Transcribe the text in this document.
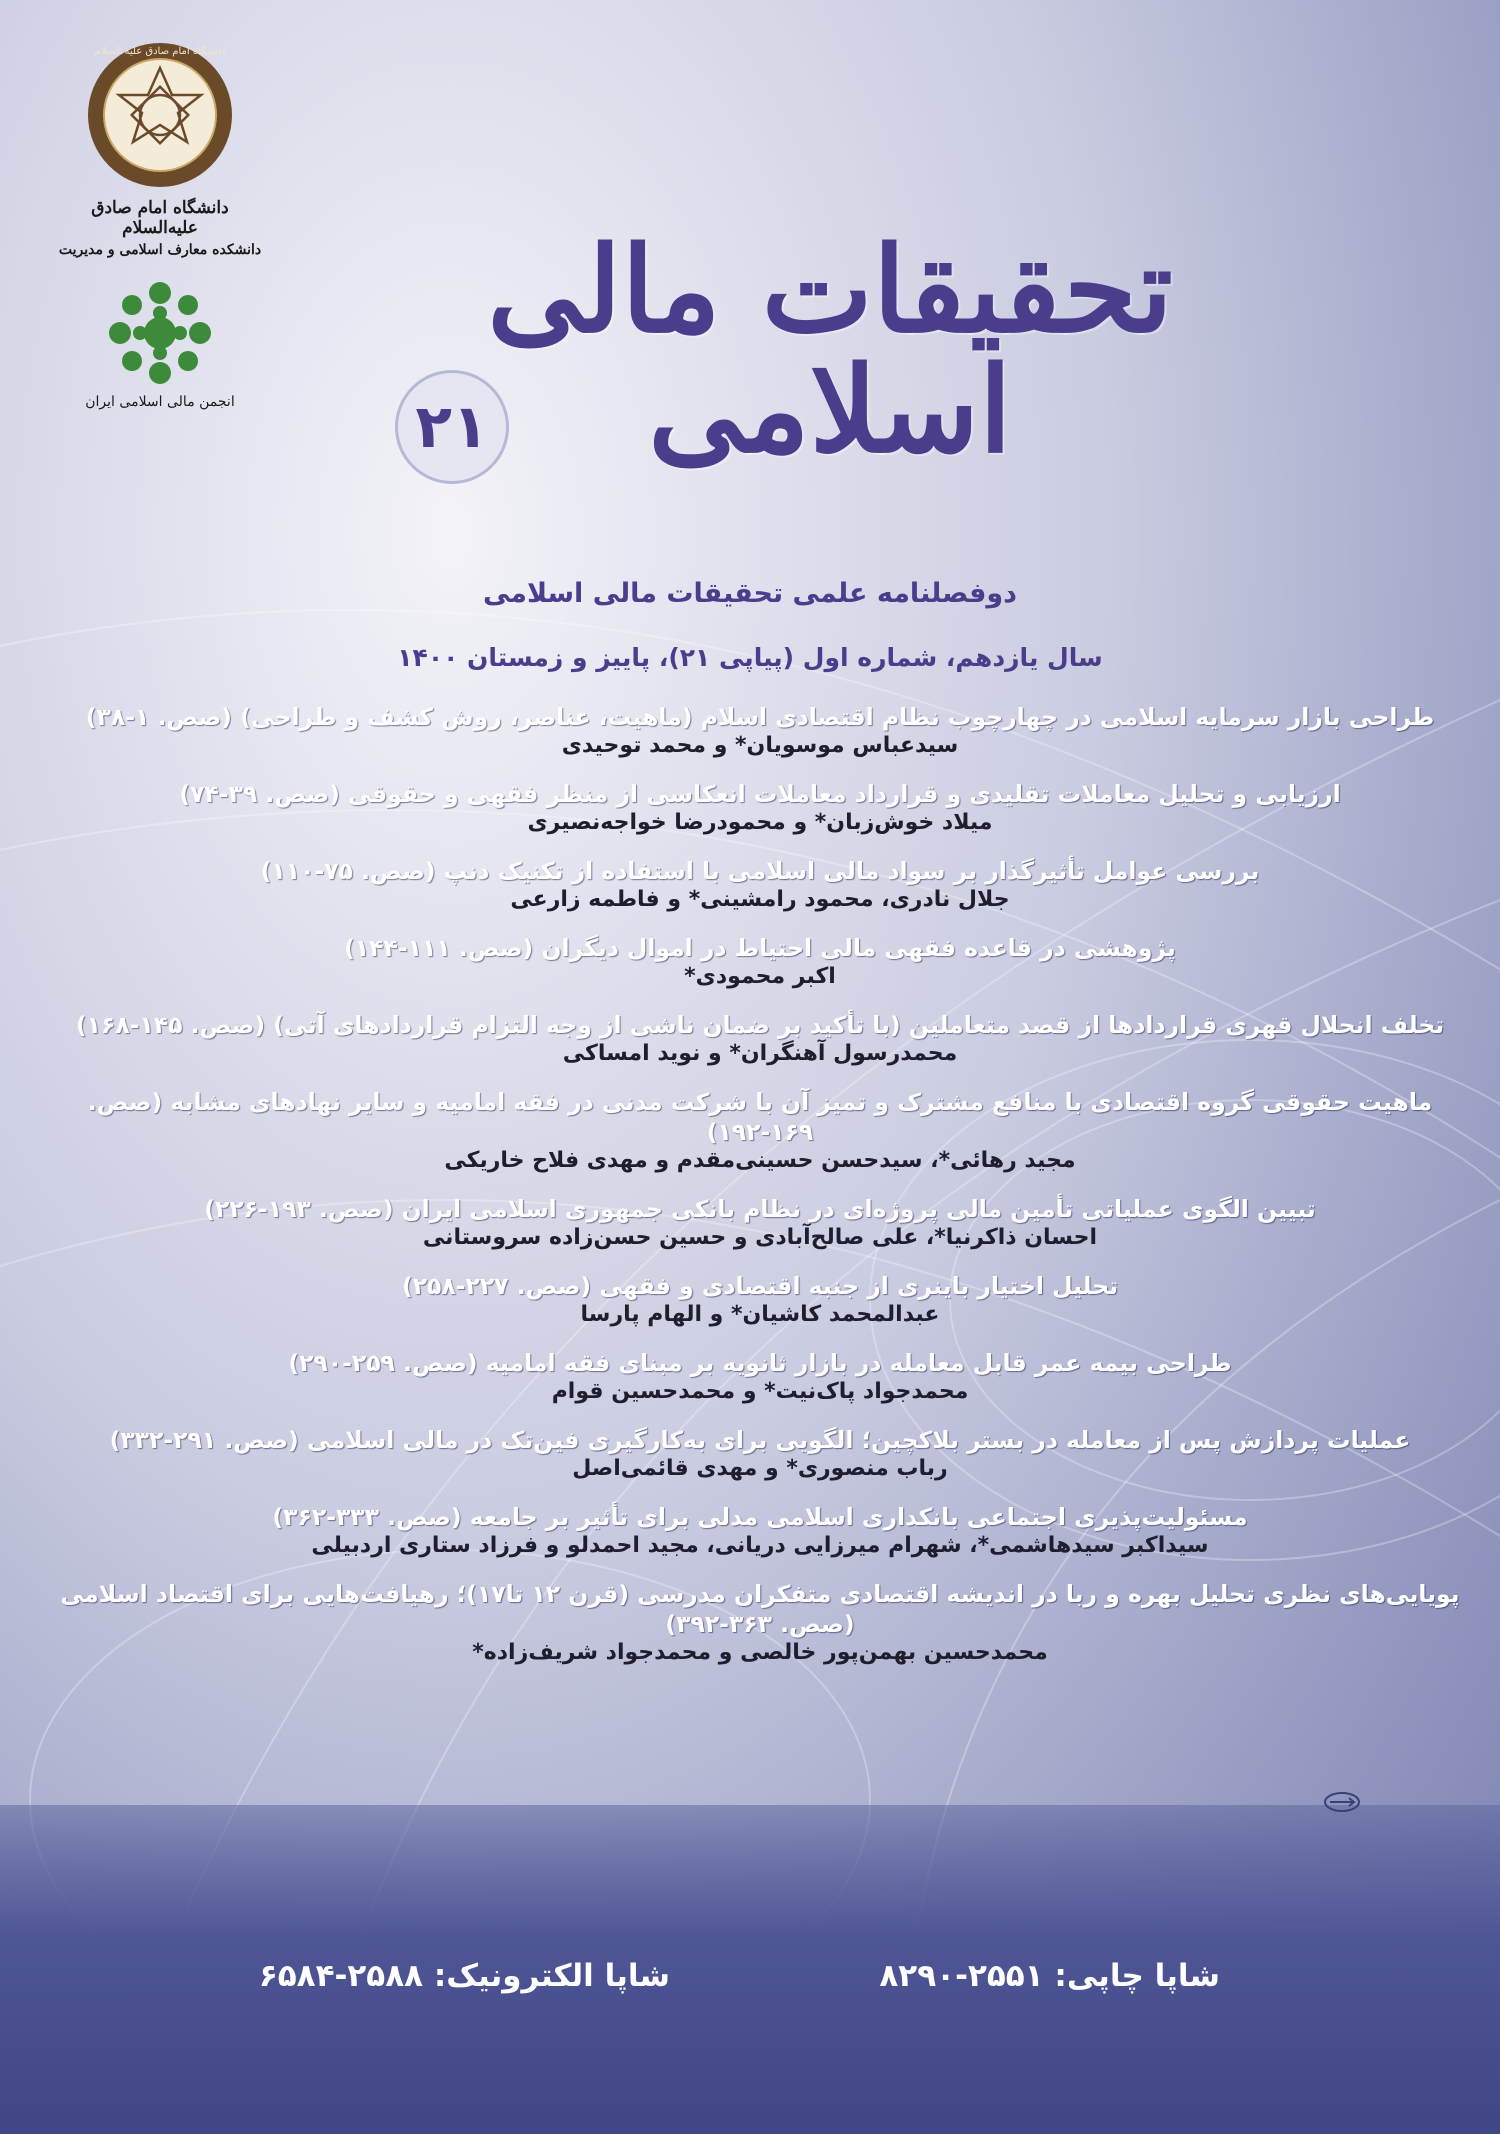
دانشگاه امام صادق علیه السلام
دانشگاه امام صادق علیه‌السلام
دانشکده معارف اسلامی و مدیریت
انجمن مالی اسلامی ایران
تحقیقات مالی اسلامی
۲۱
دوفصلنامه علمی تحقیقات مالی اسلامی
سال یازدهم، شماره اول (پیاپی ۲۱)، پاییز و زمستان ۱۴۰۰
طراحی بازار سرمایه اسلامی در چهارچوب نظام اقتصادی اسلام (ماهیت، عناصر، روش کشف و طراحی) (صص. ۱-۳۸)
سیدعباس موسویان* و محمد توحیدی
ارزیابی و تحلیل معاملات تقلیدی و قرارداد معاملات انعکاسی از منظر فقهی و حقوقی (صص. ۳۹-۷۴)
میلاد خوش‌زبان* و محمودرضا خواجه‌نصیری
بررسی عوامل تأثیرگذار بر سواد مالی اسلامی با استفاده از تکنیک دنپ (صص. ۷۵-۱۱۰)
جلال نادری، محمود رامشینی* و فاطمه زارعی
پژوهشی در قاعده فقهی مالی احتیاط در اموال دیگران (صص. ۱۱۱-۱۴۴)
اکبر محمودی*
تخلف انحلال قهری قراردادها از قصد متعاملین (با تأکید بر ضمان ناشی از وجه التزام قراردادهای آتی) (صص. ۱۴۵-۱۶۸)
محمدرسول آهنگران* و نوید امساکی
ماهیت حقوقی گروه اقتصادی با منافع مشترک و تمیز آن با شرکت مدنی در فقه امامیه و سایر نهادهای مشابه (صص. ۱۶۹-۱۹۲)
مجید رهائی*، سیدحسن حسینی‌مقدم و مهدی فلاح خاریکی
تبیین الگوی عملیاتی تأمین مالی پروژه‌ای در نظام بانکی جمهوری اسلامی ایران (صص. ۱۹۳-۲۲۶)
احسان ذاکرنیا*، علی صالح‌آبادی و حسین حسن‌زاده سروستانی
تحلیل اختیار باینری از جنبه اقتصادی و فقهی (صص. ۲۲۷-۲۵۸)
عبدالمحمد کاشیان* و الهام پارسا
طراحی بیمه عمر قابل معامله در بازار ثانویه بر مبنای فقه امامیه (صص. ۲۵۹-۲۹۰)
محمدجواد پاک‌نیت* و محمدحسین قوام
عملیات پردازش پس از معامله در بستر بلاکچین؛ الگویی برای به‌کارگیری فین‌تک در مالی اسلامی (صص. ۲۹۱-۳۳۲)
رباب منصوری* و مهدی قائمی‌اصل
مسئولیت‌پذیری اجتماعی بانکداری اسلامی مدلی برای تأثیر بر جامعه (صص. ۳۳۳-۳۶۲)
سیداکبر سیدهاشمی*، شهرام میرزایی دریانی، مجید احمدلو و فرزاد ستاری اردبیلی
پویایی‌های نظری تحلیل بهره و ربا در اندیشه اقتصادی متفکران مدرسی (قرن ۱۲ تا۱۷)؛ رهیافت‌هایی برای اقتصاد اسلامی (صص. ۳۶۳-۳۹۲)
محمدحسین بهمن‌پور خالصی و محمدجواد شریف‌زاده*
شاپا چاپی: ۲۵۵۱-۸۲۹۰
شاپا الکترونیک: ۲۵۸۸-۶۵۸۴
